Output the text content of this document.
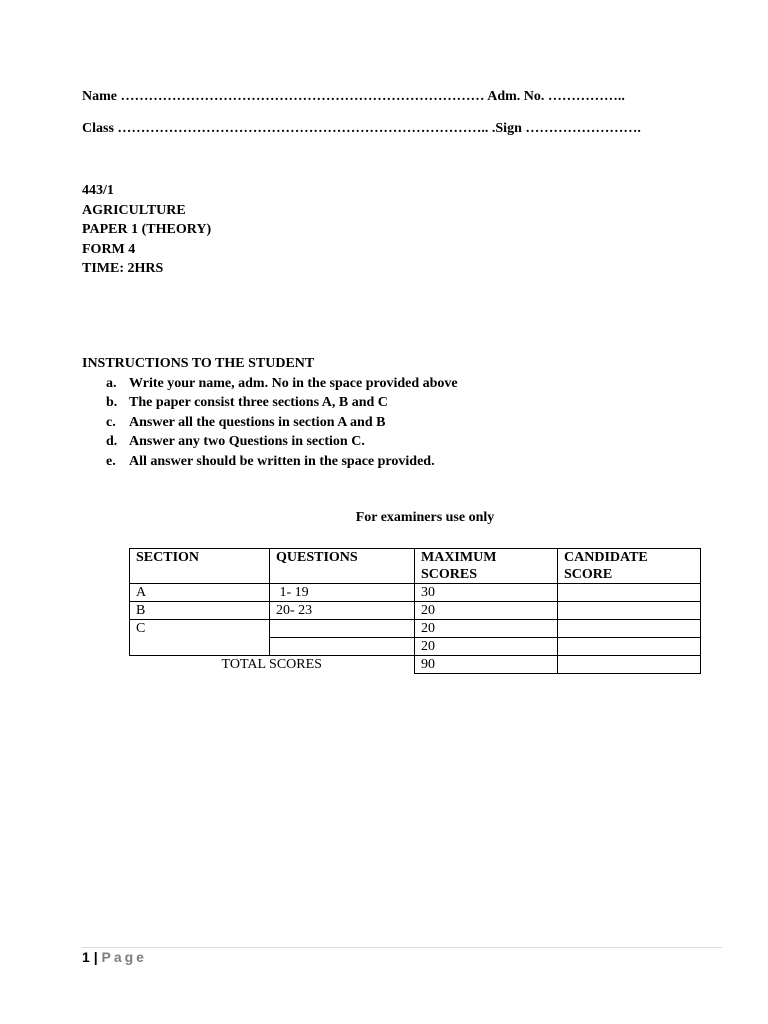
Name …………………………………………………………………… Adm. No. ……………..
Class …………………………………………………………………….. .Sign …………………….
443/1
AGRICULTURE
PAPER 1 (THEORY)
FORM 4
TIME: 2HRS
INSTRUCTIONS TO THE STUDENT
a. Write your name, adm. No in the space provided above
b. The paper consist three sections A, B and C
c. Answer all the questions in section A and B
d. Answer any two Questions in section C.
e. All answer should be written in the space provided.
For examiners use only
SECTION	QUESTIONS	MAXIMUM SCORES	CANDIDATE SCORE
A	1- 19	30	
B	20- 23	20	
C		20	
		20	
TOTAL SCORES		90	
1 | Page
